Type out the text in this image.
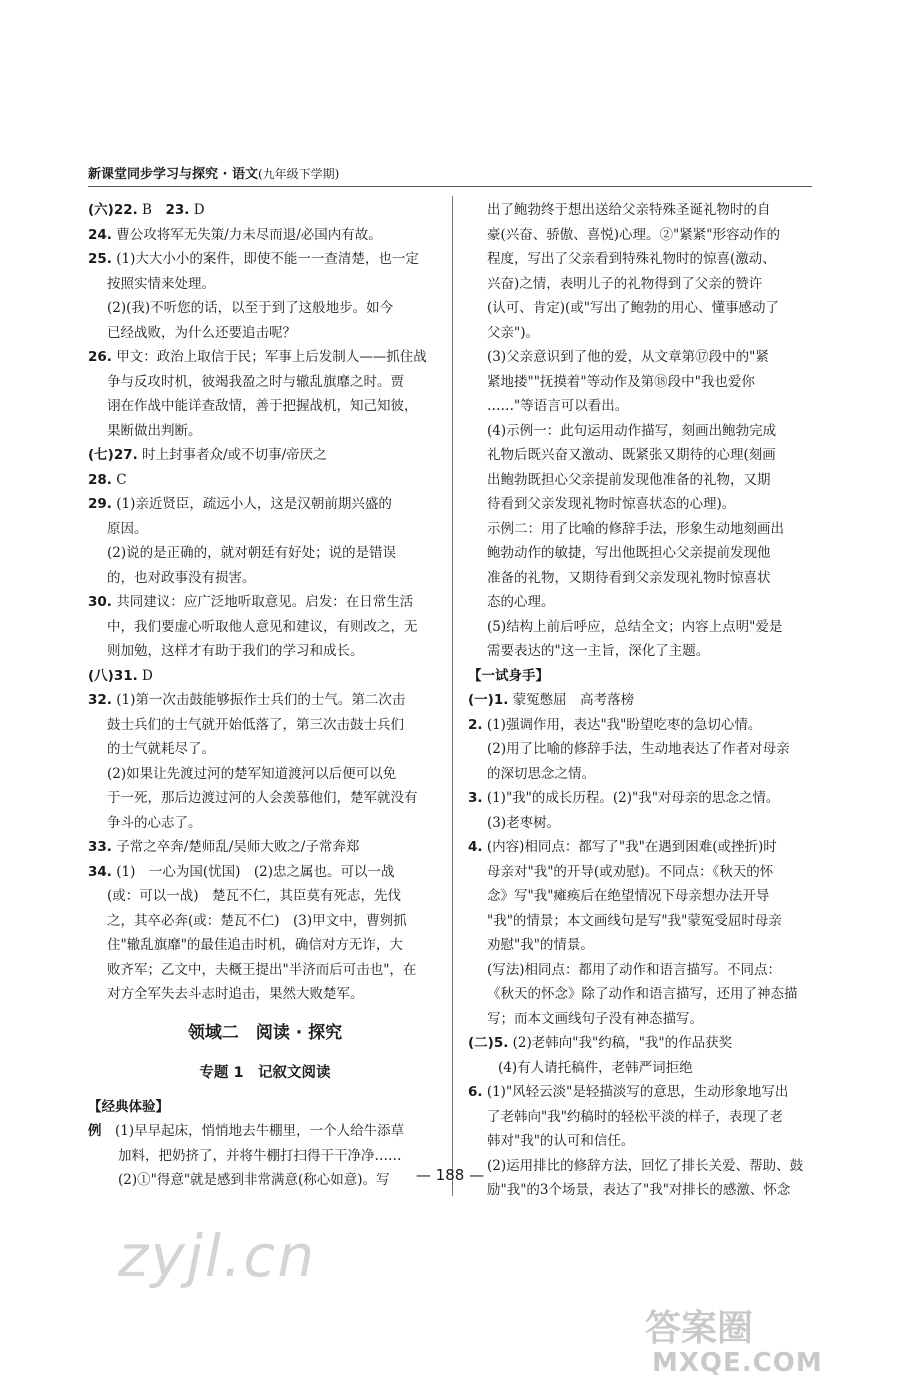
新课堂同步学习与探究 · 语文(九年级下学期)
(六)22. B　23. D
24. 曹公攻将军无失策/力未尽而退/必国内有故。
25. (1)大大小小的案件，即使不能一一查清楚，也一定
按照实情来处理。
(2)(我)不听您的话，以至于到了这般地步。如今
已经战败，为什么还要追击呢？
26. 甲文：政治上取信于民；军事上后发制人——抓住战
争与反攻时机，彼竭我盈之时与辙乱旗靡之时。贾
诩在作战中能详查敌情，善于把握战机，知己知彼，
果断做出判断。
(七)27. 时上封事者众/或不切事/帝厌之
28. C
29. (1)亲近贤臣，疏远小人，这是汉朝前期兴盛的
原因。
(2)说的是正确的，就对朝廷有好处；说的是错误
的，也对政事没有损害。
30. 共同建议：应广泛地听取意见。启发：在日常生活
中，我们要虚心听取他人意见和建议，有则改之，无
则加勉，这样才有助于我们的学习和成长。
(八)31. D
32. (1)第一次击鼓能够振作士兵们的士气。第二次击
鼓士兵们的士气就开始低落了，第三次击鼓士兵们
的士气就耗尽了。
(2)如果让先渡过河的楚军知道渡河以后便可以免
于一死，那后边渡过河的人会羡慕他们，楚军就没有
争斗的心志了。
33. 子常之卒奔/楚师乱/吴师大败之/子常奔郑
34. (1)　一心为国(忧国)　(2)忠之属也。可以一战
(或：可以一战)　楚瓦不仁，其臣莫有死志，先伐
之，其卒必奔(或：楚瓦不仁)　(3)甲文中，曹刿抓
住"辙乱旗靡"的最佳追击时机，确信对方无诈，大
败齐军；乙文中，夫概王提出"半济而后可击也"，在
对方全军失去斗志时追击，果然大败楚军。
领域二　阅读 · 探究
专题 1　记叙文阅读
【经典体验】
例　(1)早早起床，悄悄地去牛棚里，一个人给牛添草
加料，把奶挤了，并将牛棚打扫得干干净净……
(2)①"得意"就是感到非常满意(称心如意)。写
出了鲍勃终于想出送给父亲特殊圣诞礼物时的自
豪(兴奋、骄傲、喜悦)心理。②"紧紧"形容动作的
程度，写出了父亲看到特殊礼物时的惊喜(激动、
兴奋)之情，表明儿子的礼物得到了父亲的赞许
(认可、肯定)(或"写出了鲍勃的用心、懂事感动了
父亲")。
(3)父亲意识到了他的爱，从文章第⑰段中的"紧
紧地搂""抚摸着"等动作及第⑱段中"我也爱你
……"等语言可以看出。
(4)示例一：此句运用动作描写，刻画出鲍勃完成
礼物后既兴奋又激动、既紧张又期待的心理(刻画
出鲍勃既担心父亲提前发现他准备的礼物，又期
待看到父亲发现礼物时惊喜状态的心理)。
示例二：用了比喻的修辞手法，形象生动地刻画出
鲍勃动作的敏捷，写出他既担心父亲提前发现他
准备的礼物，又期待看到父亲发现礼物时惊喜状
态的心理。
(5)结构上前后呼应，总结全文；内容上点明"爱是
需要表达的"这一主旨，深化了主题。
【一试身手】
(一)1. 蒙冤憋屈　高考落榜
2. (1)强调作用，表达"我"盼望吃枣的急切心情。
(2)用了比喻的修辞手法，生动地表达了作者对母亲
的深切思念之情。
3. (1)"我"的成长历程。(2)"我"对母亲的思念之情。
(3)老枣树。
4. (内容)相同点：都写了"我"在遇到困难(或挫折)时
母亲对"我"的开导(或劝慰)。不同点：《秋天的怀
念》写"我"瘫痪后在绝望情况下母亲想办法开导
"我"的情景；本文画线句是写"我"蒙冤受屈时母亲
劝慰"我"的情景。
(写法)相同点：都用了动作和语言描写。不同点：
《秋天的怀念》除了动作和语言描写，还用了神态描
写；而本文画线句子没有神态描写。
(二)5. (2)老韩向"我"约稿，"我"的作品获奖
(4)有人请托稿件，老韩严词拒绝
6. (1)"风轻云淡"是轻描淡写的意思，生动形象地写出
了老韩向"我"约稿时的轻松平淡的样子，表现了老
韩对"我"的认可和信任。
(2)运用排比的修辞方法，回忆了排长关爱、帮助、鼓
励"我"的3个场景，表达了"我"对排长的感激、怀念
— 188 —
zyjl.cn
答案圈
MXQE.COM
